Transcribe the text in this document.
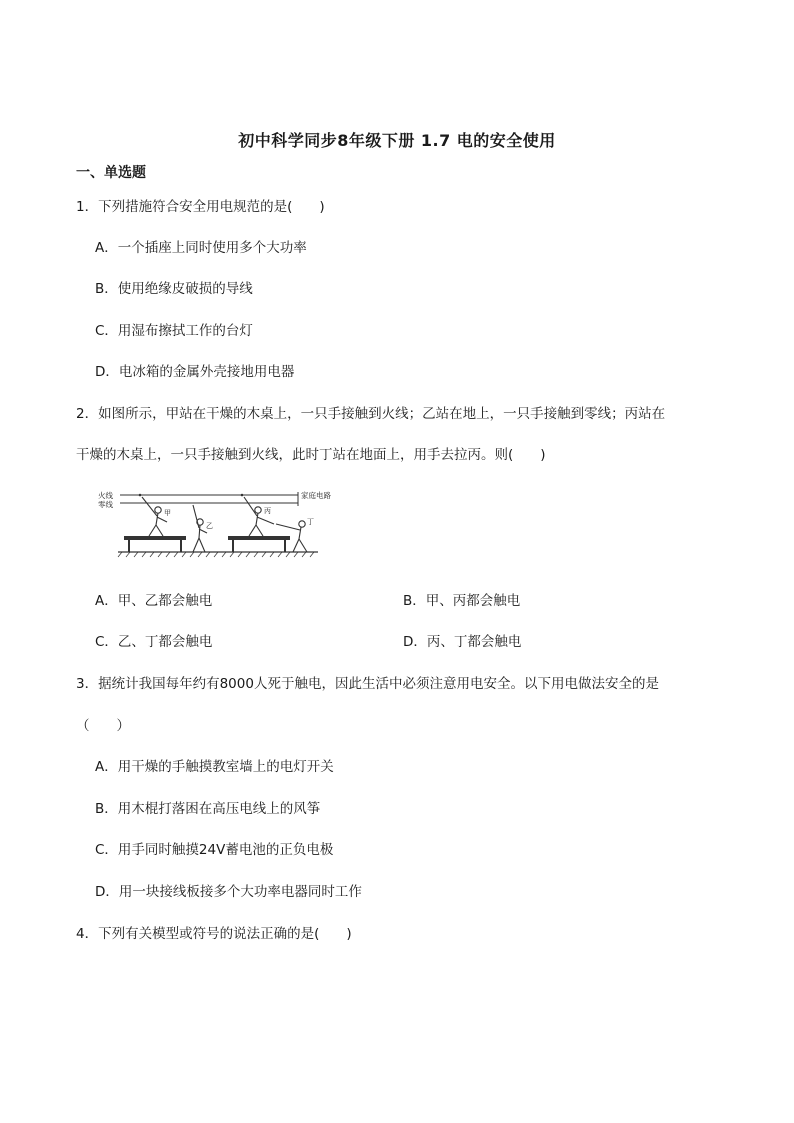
初中科学同步8年级下册 1.7 电的安全使用
一、单选题
1．下列措施符合安全用电规范的是(　　)
A．一个插座上同时使用多个大功率
B．使用绝缘皮破损的导线
C．用湿布擦拭工作的台灯
D．电冰箱的金属外壳接地用电器
2．如图所示，甲站在干燥的木桌上，一只手接触到火线；乙站在地上，一只手接触到零线；丙站在
干燥的木桌上，一只手接触到火线，此时丁站在地面上，用手去拉丙。则(　　)
火线
零线
家庭电路
甲
乙
丙
丁
A．甲、乙都会触电	B．甲、丙都会触电
C．乙、丁都会触电	D．丙、丁都会触电
3．据统计我国每年约有8000人死于触电，因此生活中必须注意用电安全。以下用电做法安全的是
（　　）
A．用干燥的手触摸教室墙上的电灯开关
B．用木棍打落困在高压电线上的风筝
C．用手同时触摸24V蓄电池的正负电极
D．用一块接线板接多个大功率电器同时工作
4．下列有关模型或符号的说法正确的是(　　)
